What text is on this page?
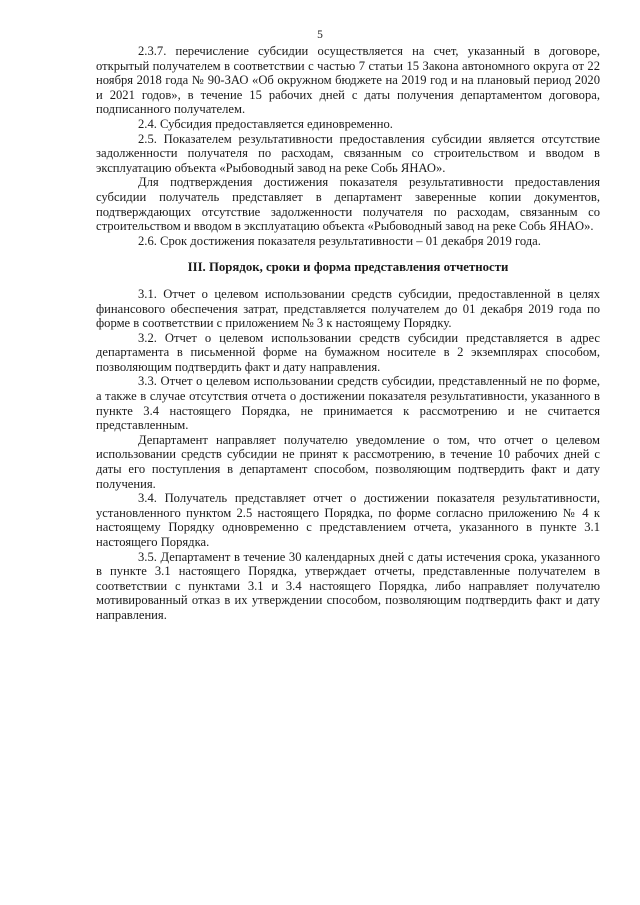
5

2.3.7. перечисление субсидии осуществляется на счет, указанный в договоре, открытый получателем в соответствии с частью 7 статьи 15 Закона автономного округа от 22 ноября 2018 года № 90-ЗАО «Об окружном бюджете на 2019 год и на плановый период 2020 и 2021 годов», в течение 15 рабочих дней с даты получения департаментом договора, подписанного получателем.

2.4. Субсидия предоставляется единовременно.

2.5. Показателем результативности предоставления субсидии является отсутствие задолженности получателя по расходам, связанным со строительством и вводом в эксплуатацию объекта «Рыбоводный завод на реке Собь ЯНАО».

Для подтверждения достижения показателя результативности предоставления субсидии получатель представляет в департамент заверенные копии документов, подтверждающих отсутствие задолженности получателя по расходам, связанным со строительством и вводом в эксплуатацию объекта «Рыбоводный завод на реке Собь ЯНАО».

2.6. Срок достижения показателя результативности – 01 декабря 2019 года.

III. Порядок, сроки и форма представления отчетности

3.1. Отчет о целевом использовании средств субсидии, предоставленной в целях финансового обеспечения затрат, представляется получателем до 01 декабря 2019 года по форме в соответствии с приложением № 3 к настоящему Порядку.

3.2. Отчет о целевом использовании средств субсидии представляется в адрес департамента в письменной форме на бумажном носителе в 2 экземплярах способом, позволяющим подтвердить факт и дату направления.

3.3. Отчет о целевом использовании средств субсидии, представленный не по форме, а также в случае отсутствия отчета о достижении показателя результативности, указанного в пункте 3.4 настоящего Порядка, не принимается к рассмотрению и не считается представленным.

Департамент направляет получателю уведомление о том, что отчет о целевом использовании средств субсидии не принят к рассмотрению, в течение 10 рабочих дней с даты его поступления в департамент способом, позволяющим подтвердить факт и дату получения.

3.4. Получатель представляет отчет о достижении показателя результативности, установленного пунктом 2.5 настоящего Порядка, по форме согласно приложению № 4 к настоящему Порядку одновременно с представлением отчета, указанного в пункте 3.1 настоящего Порядка.

3.5. Департамент в течение 30 календарных дней с даты истечения срока, указанного в пункте 3.1 настоящего Порядка, утверждает отчеты, представленные получателем в соответствии с пунктами 3.1 и 3.4 настоящего Порядка, либо направляет получателю мотивированный отказ в их утверждении способом, позволяющим подтвердить факт и дату направления.
